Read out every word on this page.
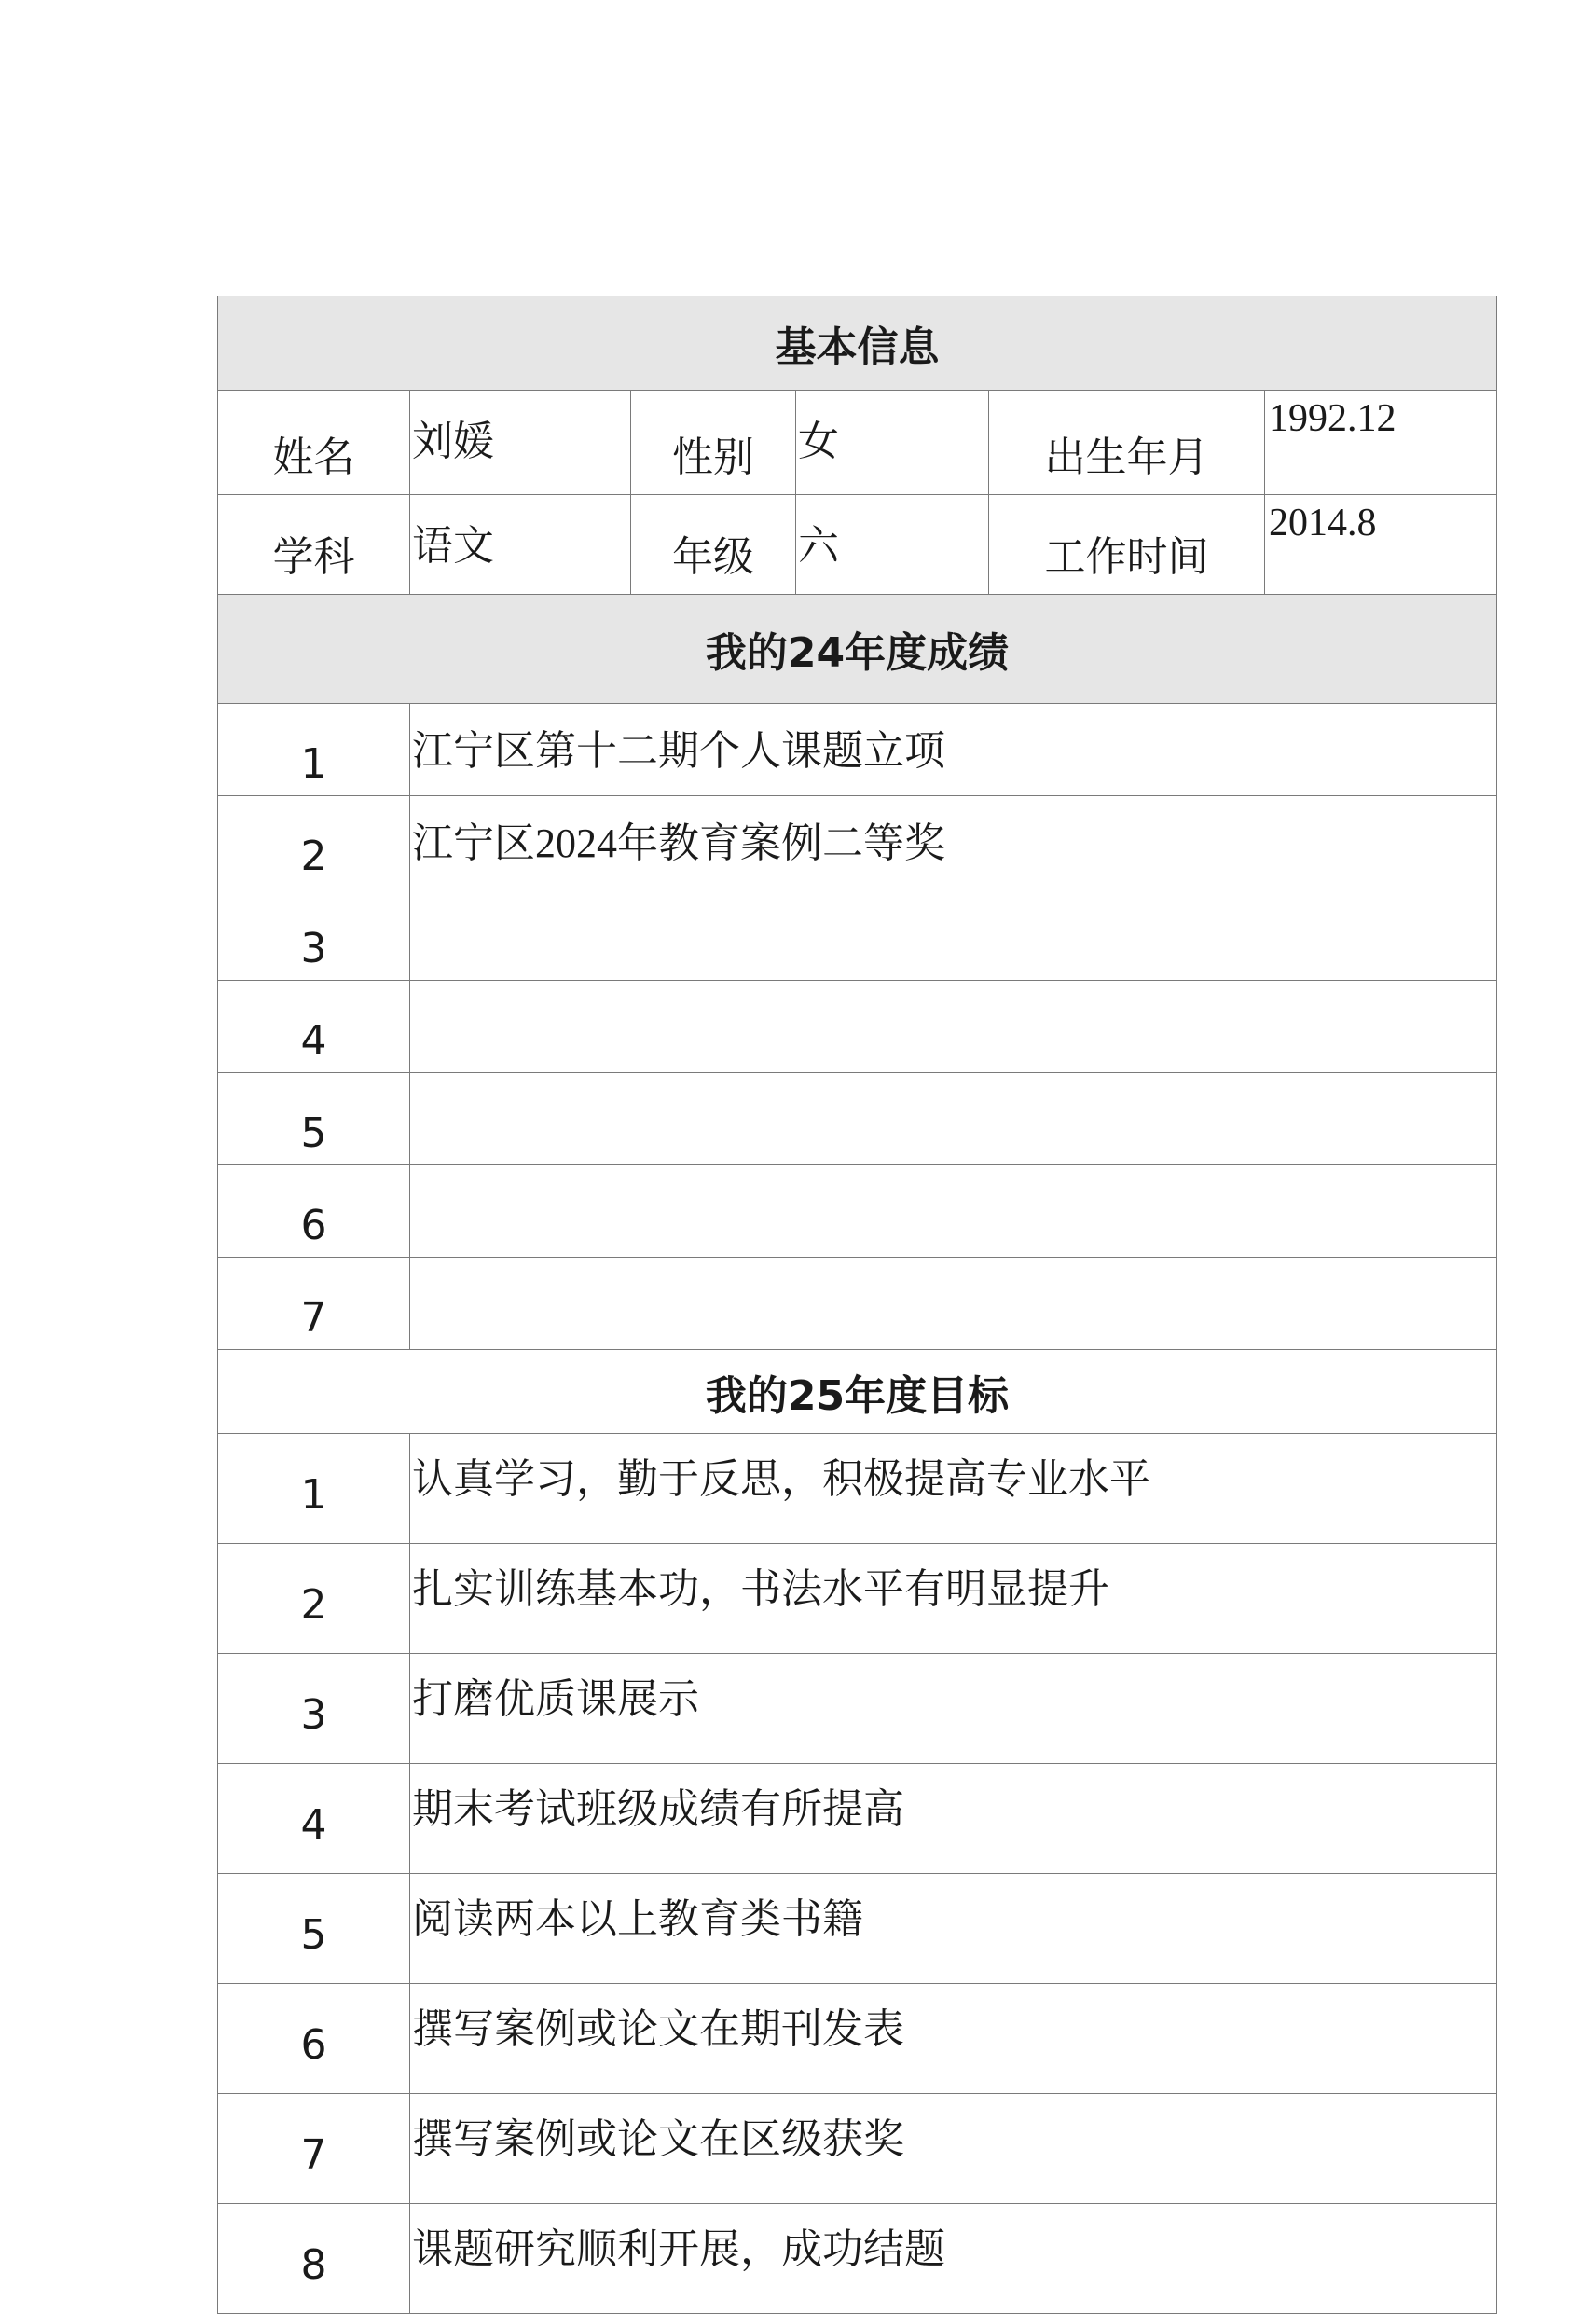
基本信息					
姓名	刘媛	性别	女	出生年月	1992.12
学科	语文	年级	六	工作时间	2014.8
我的24年度成绩					
1	江宁区第十二期个人课题立项				
2	江宁区2024年教育案例二等奖				
3					
4					
5					
6					
7					
我的25年度目标					
1	认真学习，勤于反思，积极提高专业水平				
2	扎实训练基本功，书法水平有明显提升				
3	打磨优质课展示				
4	期末考试班级成绩有所提高				
5	阅读两本以上教育类书籍				
6	撰写案例或论文在期刊发表				
7	撰写案例或论文在区级获奖				
8	课题研究顺利开展，成功结题				
